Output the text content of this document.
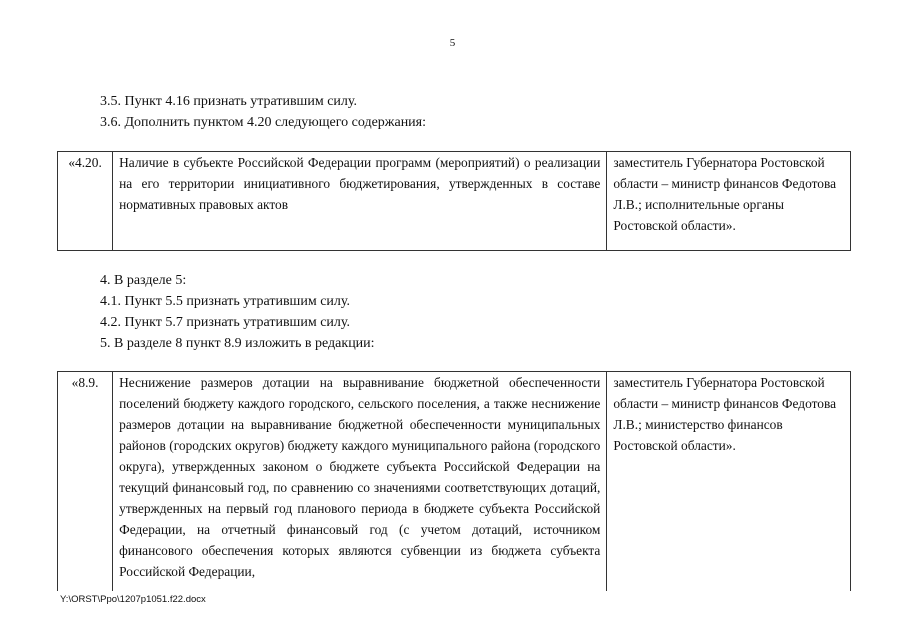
5
3.5. Пункт 4.16 признать утратившим силу.
3.6. Дополнить пунктом 4.20 следующего содержания:
«4.20.	Наличие в субъекте Российской Федерации программ (мероприятий) о реализации на его территории инициативного бюджетирования, утвержденных в составе нормативных правовых актов	заместитель Губернатора Ростовской области – министр финансов Федотова Л.В.; исполнительные органы Ростовской области».
4. В разделе 5:
4.1. Пункт 5.5 признать утратившим силу.
4.2. Пункт 5.7 признать утратившим силу.
5. В разделе 8 пункт 8.9 изложить в редакции:
«8.9.	Неснижение размеров дотации на выравнивание бюджетной обеспеченности поселений бюджету каждого городского, сельского поселения, а также неснижение размеров дотации на выравнивание бюджетной обеспеченности муниципальных районов (городских округов) бюджету каждого муниципального района (городского округа), утвержденных законом о бюджете субъекта Российской Федерации на текущий финансовый год, по сравнению со значениями соответствующих дотаций, утвержденных на первый год планового периода в бюджете субъекта Российской Федерации, на отчетный финансовый год (с учетом дотаций, источником финансового обеспечения которых являются субвенции из бюджета субъекта Российской Федерации,	заместитель Губернатора Ростовской области – министр финансов Федотова Л.В.; министерство финансов Ростовской области».
Y:\ORST\Ppo\1207p1051.f22.docx
